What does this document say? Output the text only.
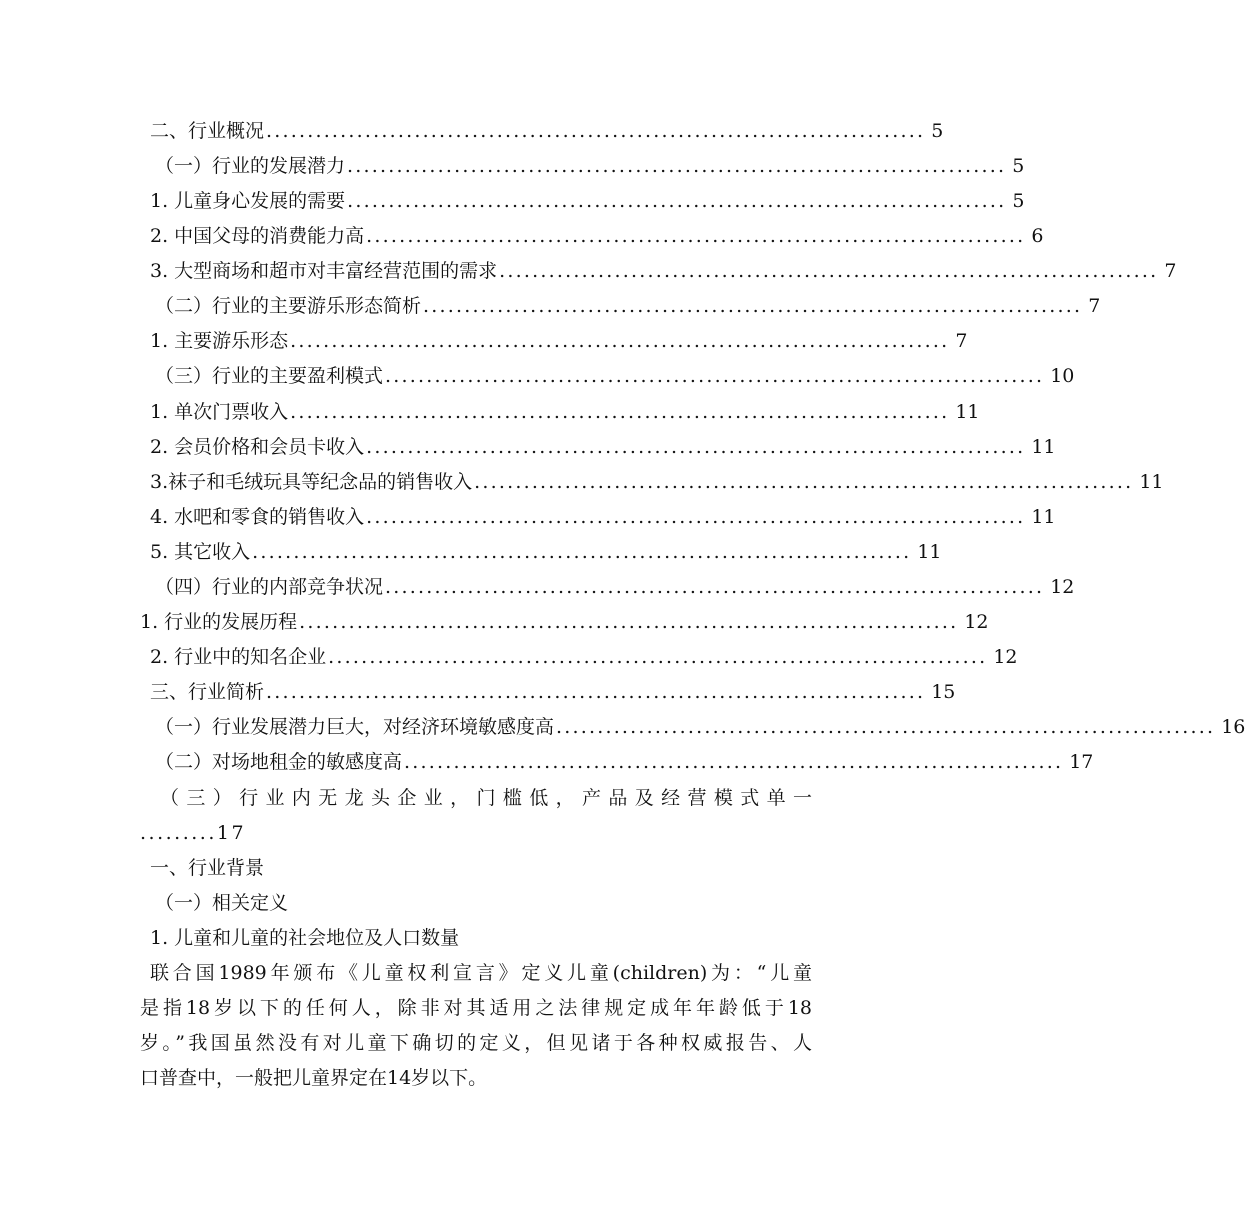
二、行业概况 ................................................................................ 5
（一）行业的发展潜力 ................................................................................ 5
1. 儿童身心发展的需要 ................................................................................ 5
2. 中国父母的消费能力高 ................................................................................ 6
3. 大型商场和超市对丰富经营范围的需求 ................................................................................ 7
（二）行业的主要游乐形态简析 ................................................................................ 7
1. 主要游乐形态 ................................................................................ 7
（三）行业的主要盈利模式 ................................................................................ 10
1. 单次门票收入 ................................................................................ 11
2. 会员价格和会员卡收入 ................................................................................ 11
3.袜子和毛绒玩具等纪念品的销售收入 ................................................................................ 11
4. 水吧和零食的销售收入 ................................................................................ 11
5. 其它收入 ................................................................................ 11
（四）行业的内部竞争状况 ................................................................................ 12
1. 行业的发展历程 ................................................................................ 12
2. 行业中的知名企业 ................................................................................ 12
三、行业简析 ................................................................................ 15
（一）行业发展潜力巨大，对经济环境敏感度高 ................................................................................ 16
（二）对场地租金的敏感度高 ................................................................................ 17
（三）行业内无龙头企业，门槛低，产品及经营模式单一
.........17
一、行业背景
（一）相关定义
1. 儿童和儿童的社会地位及人口数量
联合国1989年颁布《儿童权利宣言》定义儿童(children)为：“儿童
是指18岁以下的任何人，除非对其适用之法律规定成年年龄低于18
岁。”我国虽然没有对儿童下确切的定义，但见诸于各种权威报告、人
口普查中，一般把儿童界定在14岁以下。
